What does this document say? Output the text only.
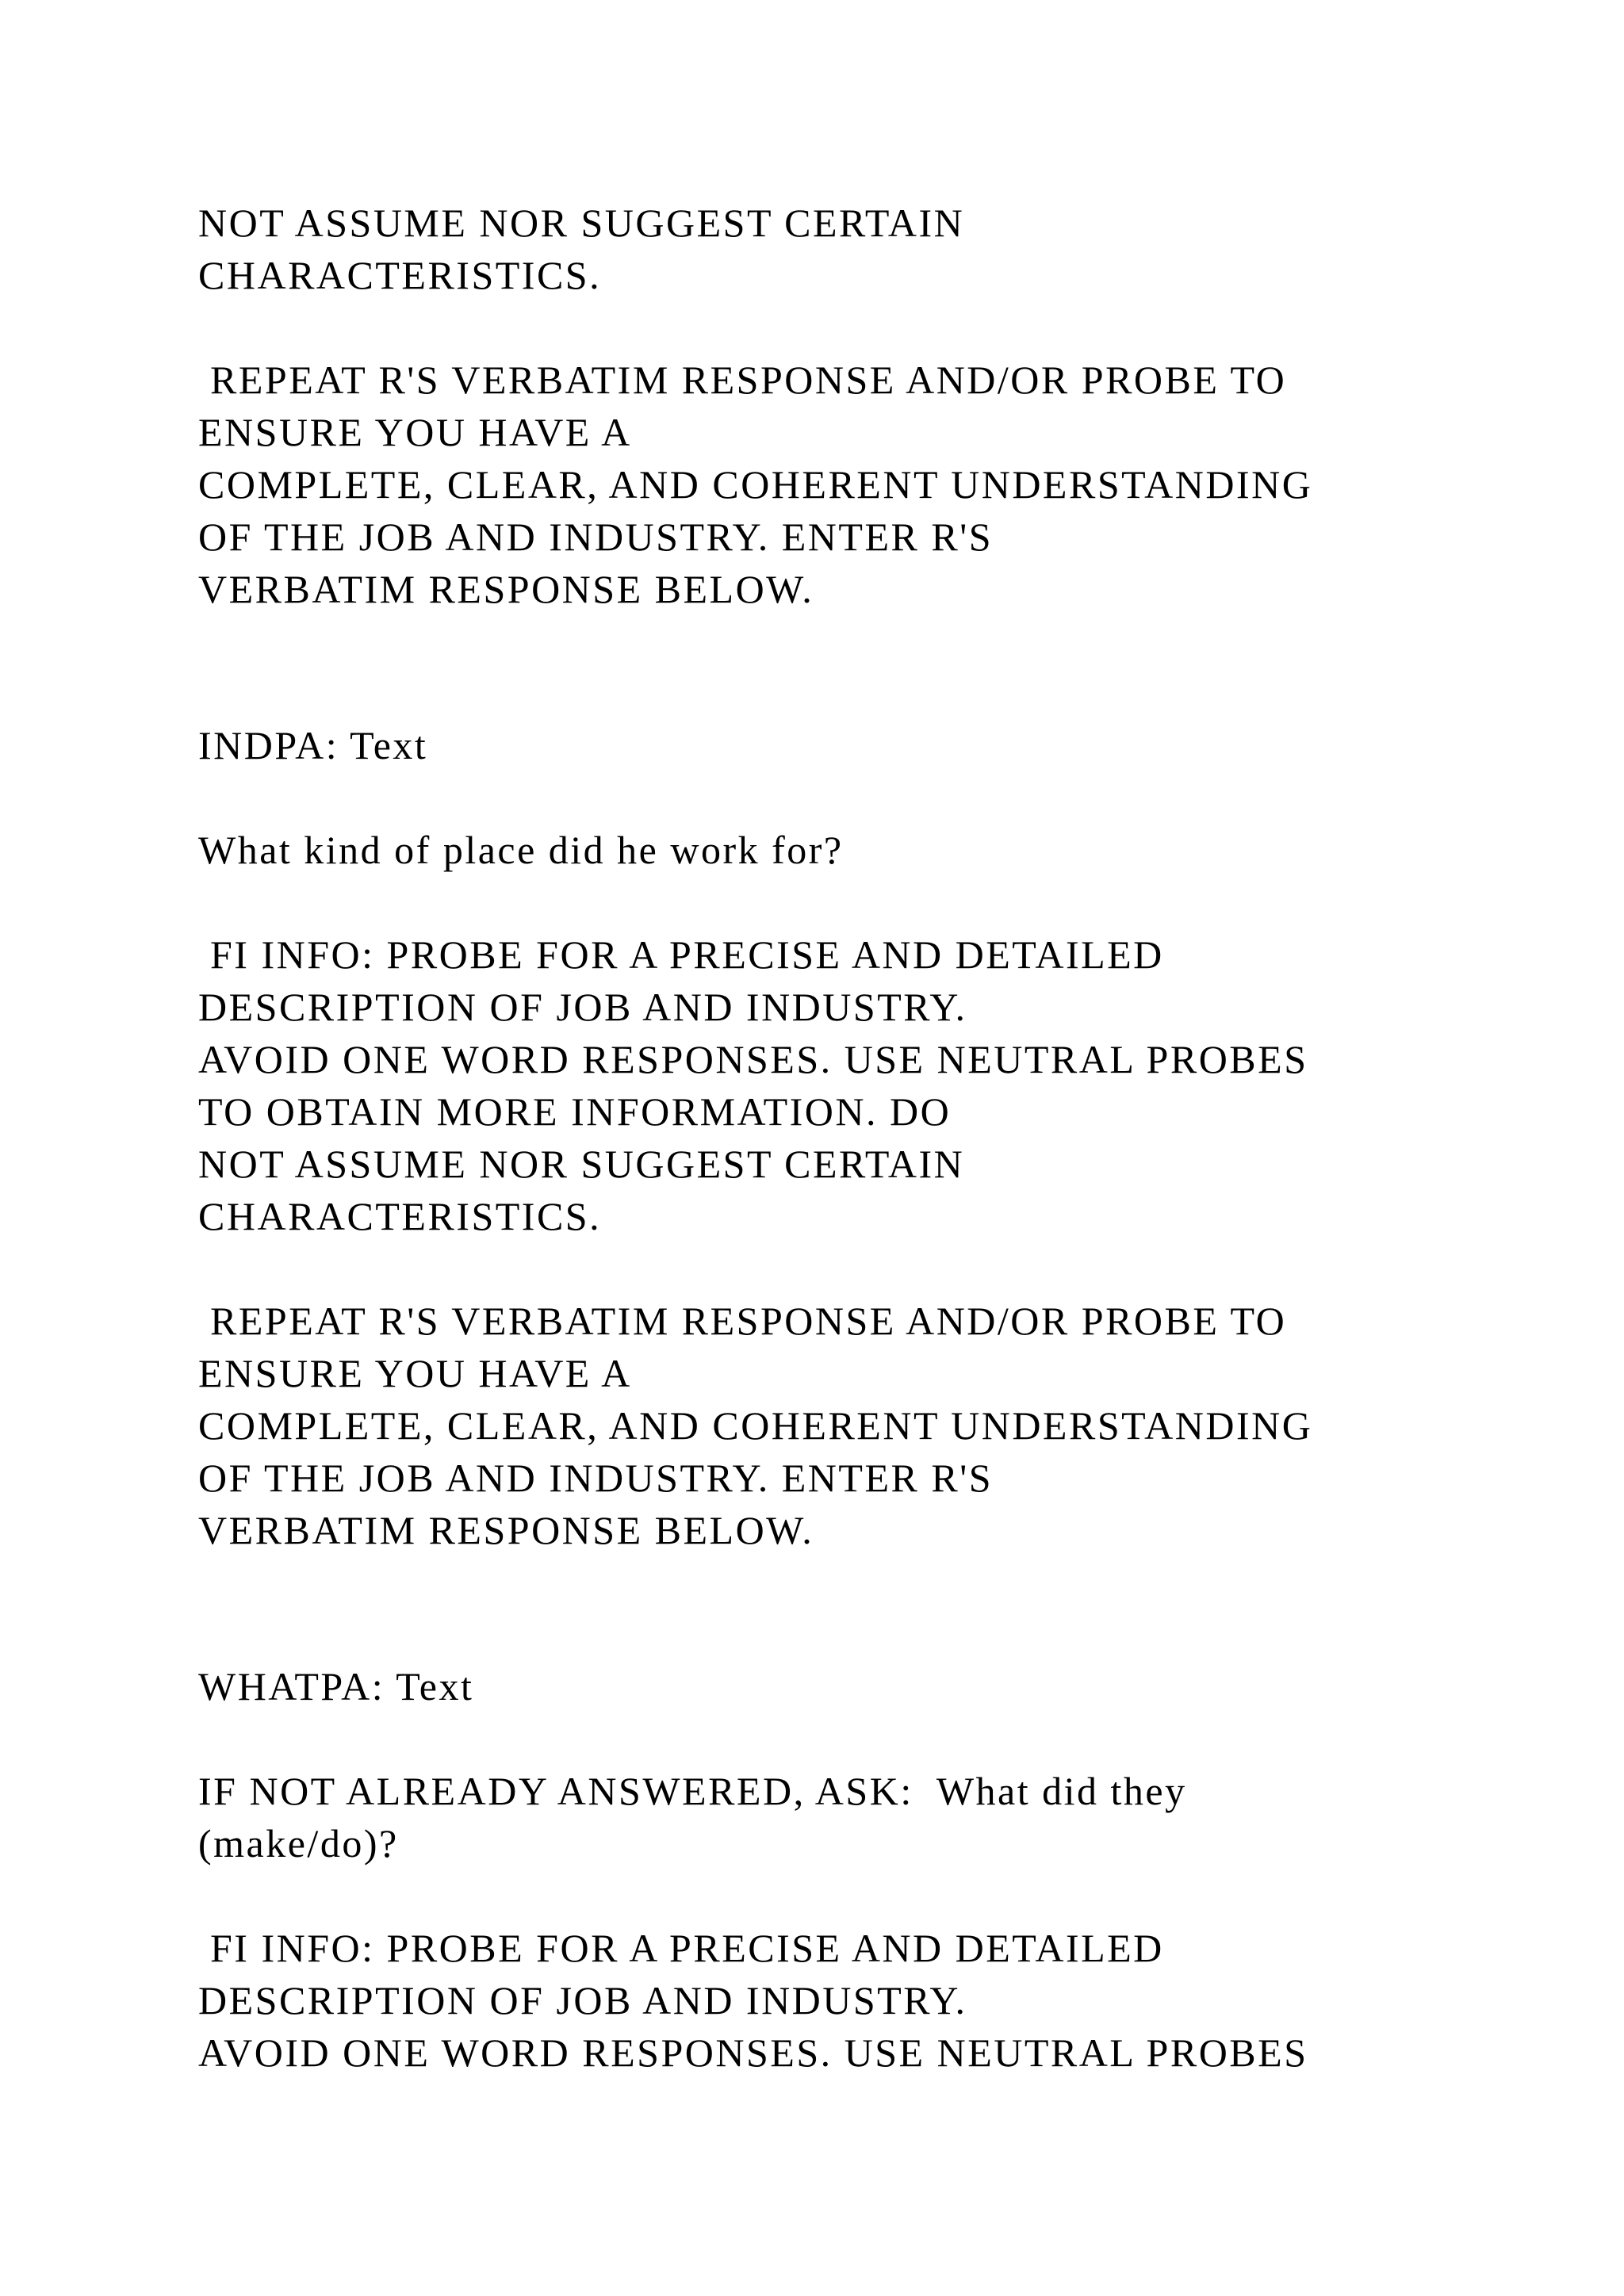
NOT ASSUME NOR SUGGEST CERTAIN
CHARACTERISTICS.
REPEAT R'S VERBATIM RESPONSE AND/OR PROBE TO
ENSURE YOU HAVE A
COMPLETE, CLEAR, AND COHERENT UNDERSTANDING
OF THE JOB AND INDUSTRY. ENTER R'S
VERBATIM RESPONSE BELOW.
INDPA: Text
What kind of place did he work for?
FI INFO: PROBE FOR A PRECISE AND DETAILED
DESCRIPTION OF JOB AND INDUSTRY.
AVOID ONE WORD RESPONSES. USE NEUTRAL PROBES
TO OBTAIN MORE INFORMATION. DO
NOT ASSUME NOR SUGGEST CERTAIN
CHARACTERISTICS.
REPEAT R'S VERBATIM RESPONSE AND/OR PROBE TO
ENSURE YOU HAVE A
COMPLETE, CLEAR, AND COHERENT UNDERSTANDING
OF THE JOB AND INDUSTRY. ENTER R'S
VERBATIM RESPONSE BELOW.
WHATPA: Text
IF NOT ALREADY ANSWERED, ASK:  What did they
(make/do)?
FI INFO: PROBE FOR A PRECISE AND DETAILED
DESCRIPTION OF JOB AND INDUSTRY.
AVOID ONE WORD RESPONSES. USE NEUTRAL PROBES
